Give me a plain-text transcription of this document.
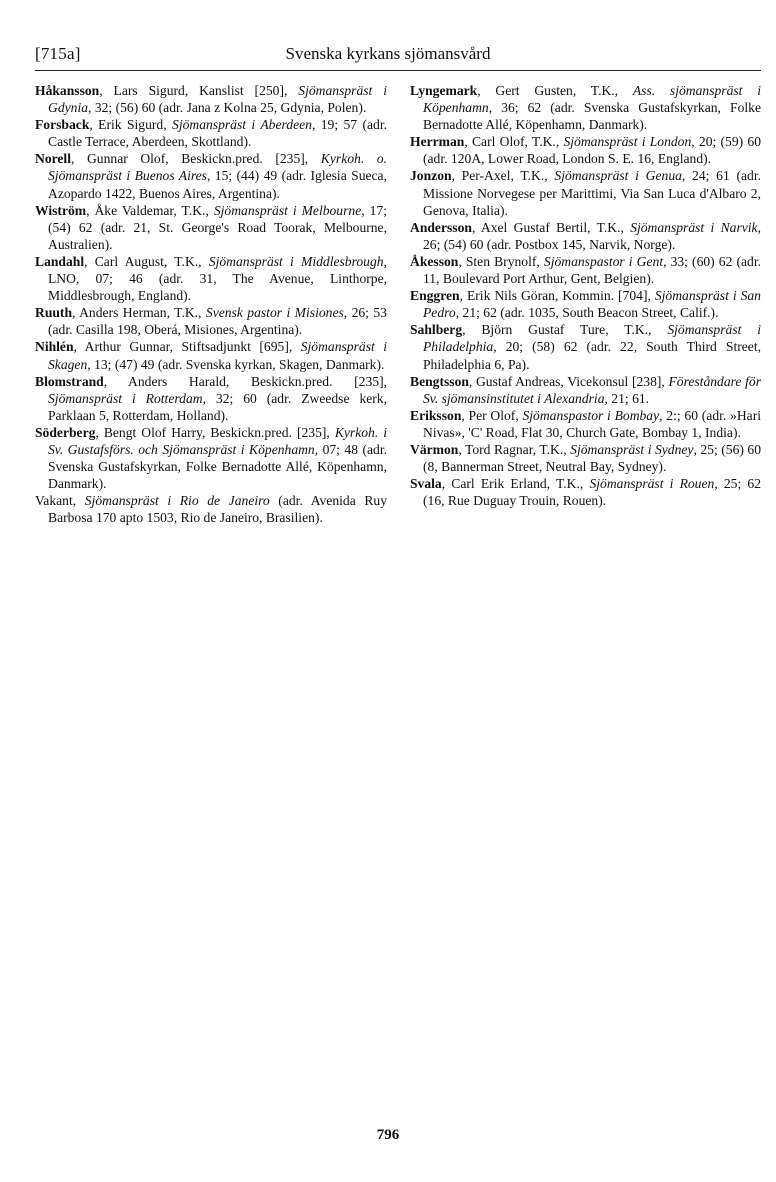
[715a]	Svenska kyrkans sjömansvård

Håkansson, Lars Sigurd, Kanslist [250], Sjömanspräst i Gdynia, 32; (56) 60 (adr. Jana z Kolna 25, Gdynia, Polen).

Forsback, Erik Sigurd, Sjömanspräst i Aberdeen, 19; 57 (adr. Castle Terrace, Aberdeen, Skottland).

Norell, Gunnar Olof, Beskickn.pred. [235], Kyrkoh. o. Sjömanspräst i Buenos Aires, 15; (44) 49 (adr. Iglesia Sueca, Azopardo 1422, Buenos Aires, Argentina).

Wiström, Åke Valdemar, T.K., Sjömanspräst i Melbourne, 17; (54) 62 (adr. 21, St. George's Road Toorak, Melbourne, Australien).

Landahl, Carl August, T.K., Sjömanspräst i Middlesbrough, LNO, 07; 46 (adr. 31, The Avenue, Linthorpe, Middlesbrough, England).

Ruuth, Anders Herman, T.K., Svensk pastor i Misiones, 26; 53 (adr. Casilla 198, Oberá, Misiones, Argentina).

Nihlén, Arthur Gunnar, Stiftsadjunkt [695], Sjömanspräst i Skagen, 13; (47) 49 (adr. Svenska kyrkan, Skagen, Danmark).

Blomstrand, Anders Harald, Beskickn.pred. [235], Sjömanspräst i Rotterdam, 32; 60 (adr. Zweedse kerk, Parklaan 5, Rotterdam, Holland).

Söderberg, Bengt Olof Harry, Beskickn.pred. [235], Kyrkoh. i Sv. Gustafsförs. och Sjömanspräst i Köpenhamn, 07; 48 (adr. Svenska Gustafskyrkan, Folke Bernadotte Allé, Köpenhamn, Danmark).

Vakant, Sjömanspräst i Rio de Janeiro (adr. Avenida Ruy Barbosa 170 apto 1503, Rio de Janeiro, Brasilien).

Lyngemark, Gert Gusten, T.K., Ass. sjömanspräst i Köpenhamn, 36; 62 (adr. Svenska Gustafskyrkan, Folke Bernadotte Allé, Köpenhamn, Danmark).

Herrman, Carl Olof, T.K., Sjömanspräst i London, 20; (59) 60 (adr. 120A, Lower Road, London S. E. 16, England).

Jonzon, Per-Axel, T.K., Sjömanspräst i Genua, 24; 61 (adr. Missione Norvegese per Marittimi, Via San Luca d'Albaro 2, Genova, Italia).

Andersson, Axel Gustaf Bertil, T.K., Sjömanspräst i Narvik, 26; (54) 60 (adr. Postbox 145, Narvik, Norge).

Åkesson, Sten Brynolf, Sjömanspastor i Gent, 33; (60) 62 (adr. 11, Boulevard Port Arthur, Gent, Belgien).

Enggren, Erik Nils Göran, Kommin. [704], Sjömanspräst i San Pedro, 21; 62 (adr. 1035, South Beacon Street, Calif.).

Sahlberg, Björn Gustaf Ture, T.K., Sjömanspräst i Philadelphia, 20; (58) 62 (adr. 22, South Third Street, Philadelphia 6, Pa).

Bengtsson, Gustaf Andreas, Vicekonsul [238], Föreståndare för Sv. sjömansinstitutet i Alexandria, 21; 61.

Eriksson, Per Olof, Sjömanspastor i Bombay, 2:; 60 (adr. »Hari Nivas», 'C' Road, Flat 30, Church Gate, Bombay 1, India).

Värmon, Tord Ragnar, T.K., Sjömanspräst i Sydney, 25; (56) 60 (8, Bannerman Street, Neutral Bay, Sydney).

Svala, Carl Erik Erland, T.K., Sjömanspräst i Rouen, 25; 62 (16, Rue Duguay Trouin, Rouen).

796
